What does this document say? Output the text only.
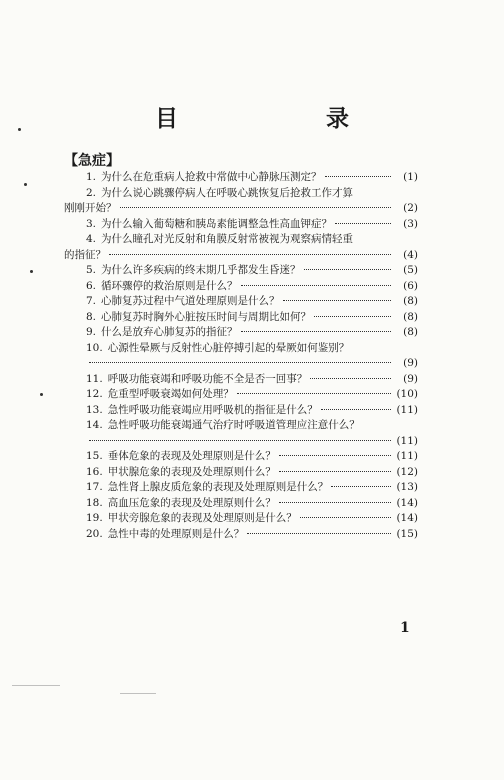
目 录
【急症】
1. 为什么在危重病人抢救中常做中心静脉压测定？	(1)
2. 为什么说心跳骤停病人在呼吸心跳恢复后抢救工作才算
刚刚开始？	(2)
3. 为什么输入葡萄糖和胰岛素能调整急性高血钾症？	(3)
4. 为什么瞳孔对光反射和角膜反射常被视为观察病情轻重
的指征？	(4)
5. 为什么许多疾病的终末期几乎都发生昏迷？	(5)
6. 循环骤停的救治原则是什么？	(6)
7. 心肺复苏过程中气道处理原则是什么？	(8)
8. 心肺复苏时胸外心脏按压时间与周期比如何？	(8)
9. 什么是放弃心肺复苏的指征？	(8)
10. 心源性晕厥与反射性心脏停搏引起的晕厥如何鉴别？
(9)
11. 呼吸功能衰竭和呼吸功能不全是否一回事？	(9)
12. 危重型呼吸衰竭如何处理？	(10)
13. 急性呼吸功能衰竭应用呼吸机的指征是什么？	(11)
14. 急性呼吸功能衰竭通气治疗时呼吸道管理应注意什么？
(11)
15. 垂体危象的表现及处理原则是什么？	(11)
16. 甲状腺危象的表现及处理原则什么？	(12)
17. 急性肾上腺皮质危象的表现及处理原则是什么？	(13)
18. 高血压危象的表现及处理原则什么？	(14)
19. 甲状旁腺危象的表现及处理原则是什么？	(14)
20. 急性中毒的处理原则是什么？	(15)
1
